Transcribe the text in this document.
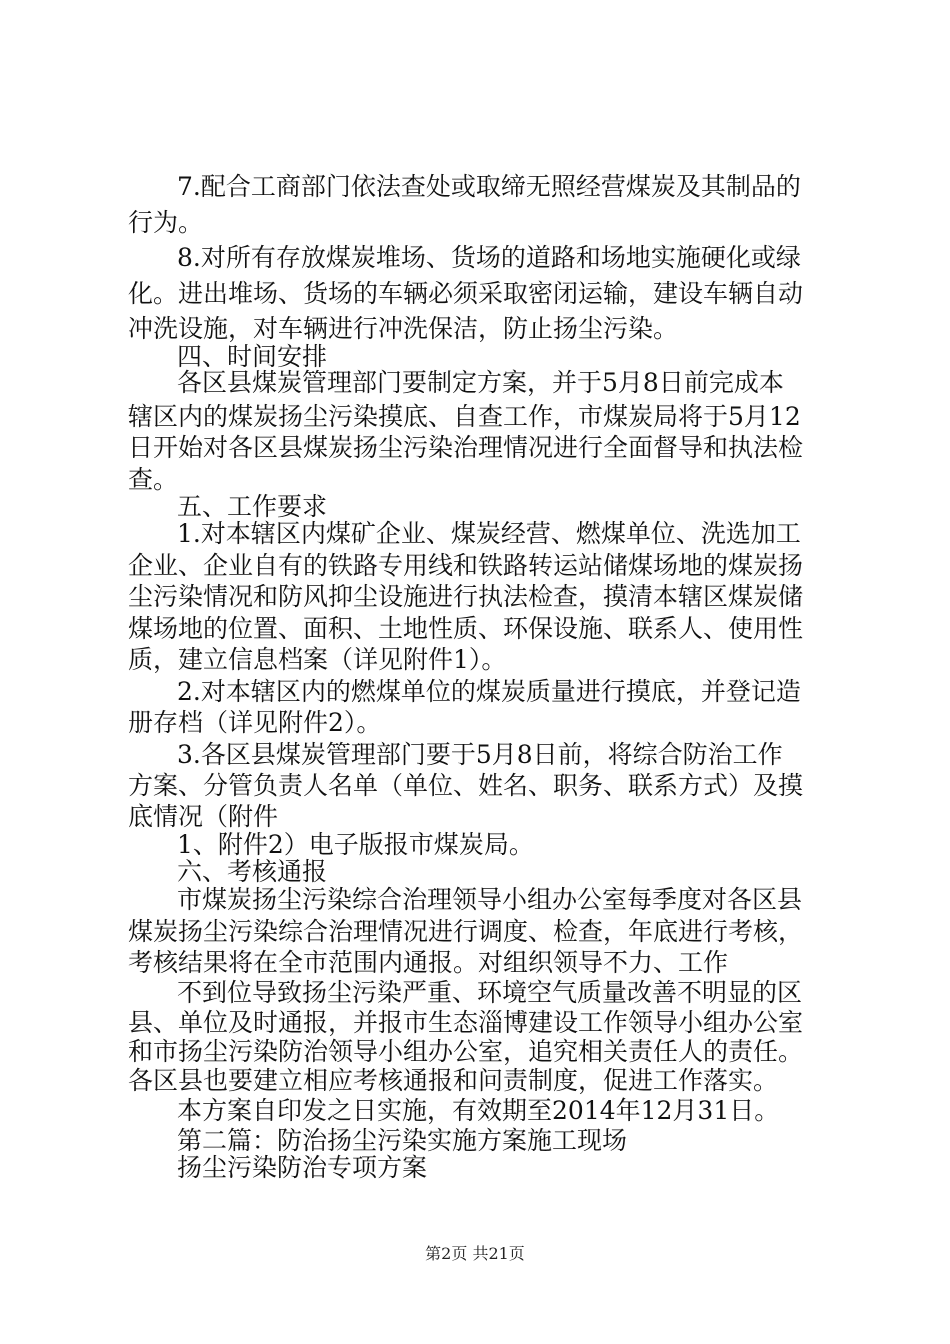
7.配合工商部门依法查处或取缔无照经营煤炭及其制品的
行为。
8.对所有存放煤炭堆场、货场的道路和场地实施硬化或绿
化。进出堆场、货场的车辆必须采取密闭运输，建设车辆自动
冲洗设施，对车辆进行冲洗保洁，防止扬尘污染。
四、时间安排
各区县煤炭管理部门要制定方案，并于5月8日前完成本
辖区内的煤炭扬尘污染摸底、自查工作，市煤炭局将于5月12
日开始对各区县煤炭扬尘污染治理情况进行全面督导和执法检
查。
五、工作要求
1.对本辖区内煤矿企业、煤炭经营、燃煤单位、洗选加工
企业、企业自有的铁路专用线和铁路转运站储煤场地的煤炭扬
尘污染情况和防风抑尘设施进行执法检查，摸清本辖区煤炭储
煤场地的位置、面积、土地性质、环保设施、联系人、使用性
质，建立信息档案（详见附件1）。
2.对本辖区内的燃煤单位的煤炭质量进行摸底，并登记造
册存档（详见附件2）。
3.各区县煤炭管理部门要于5月8日前，将综合防治工作
方案、分管负责人名单（单位、姓名、职务、联系方式）及摸
底情况（附件
1、附件2）电子版报市煤炭局。
六、考核通报
市煤炭扬尘污染综合治理领导小组办公室每季度对各区县
煤炭扬尘污染综合治理情况进行调度、检查，年底进行考核，
考核结果将在全市范围内通报。对组织领导不力、工作
不到位导致扬尘污染严重、环境空气质量改善不明显的区
县、单位及时通报，并报市生态淄博建设工作领导小组办公室
和市扬尘污染防治领导小组办公室，追究相关责任人的责任。
各区县也要建立相应考核通报和问责制度，促进工作落实。
本方案自印发之日实施，有效期至2014年12月31日。
第二篇：防治扬尘污染实施方案施工现场
扬尘污染防治专项方案
第2页 共21页
